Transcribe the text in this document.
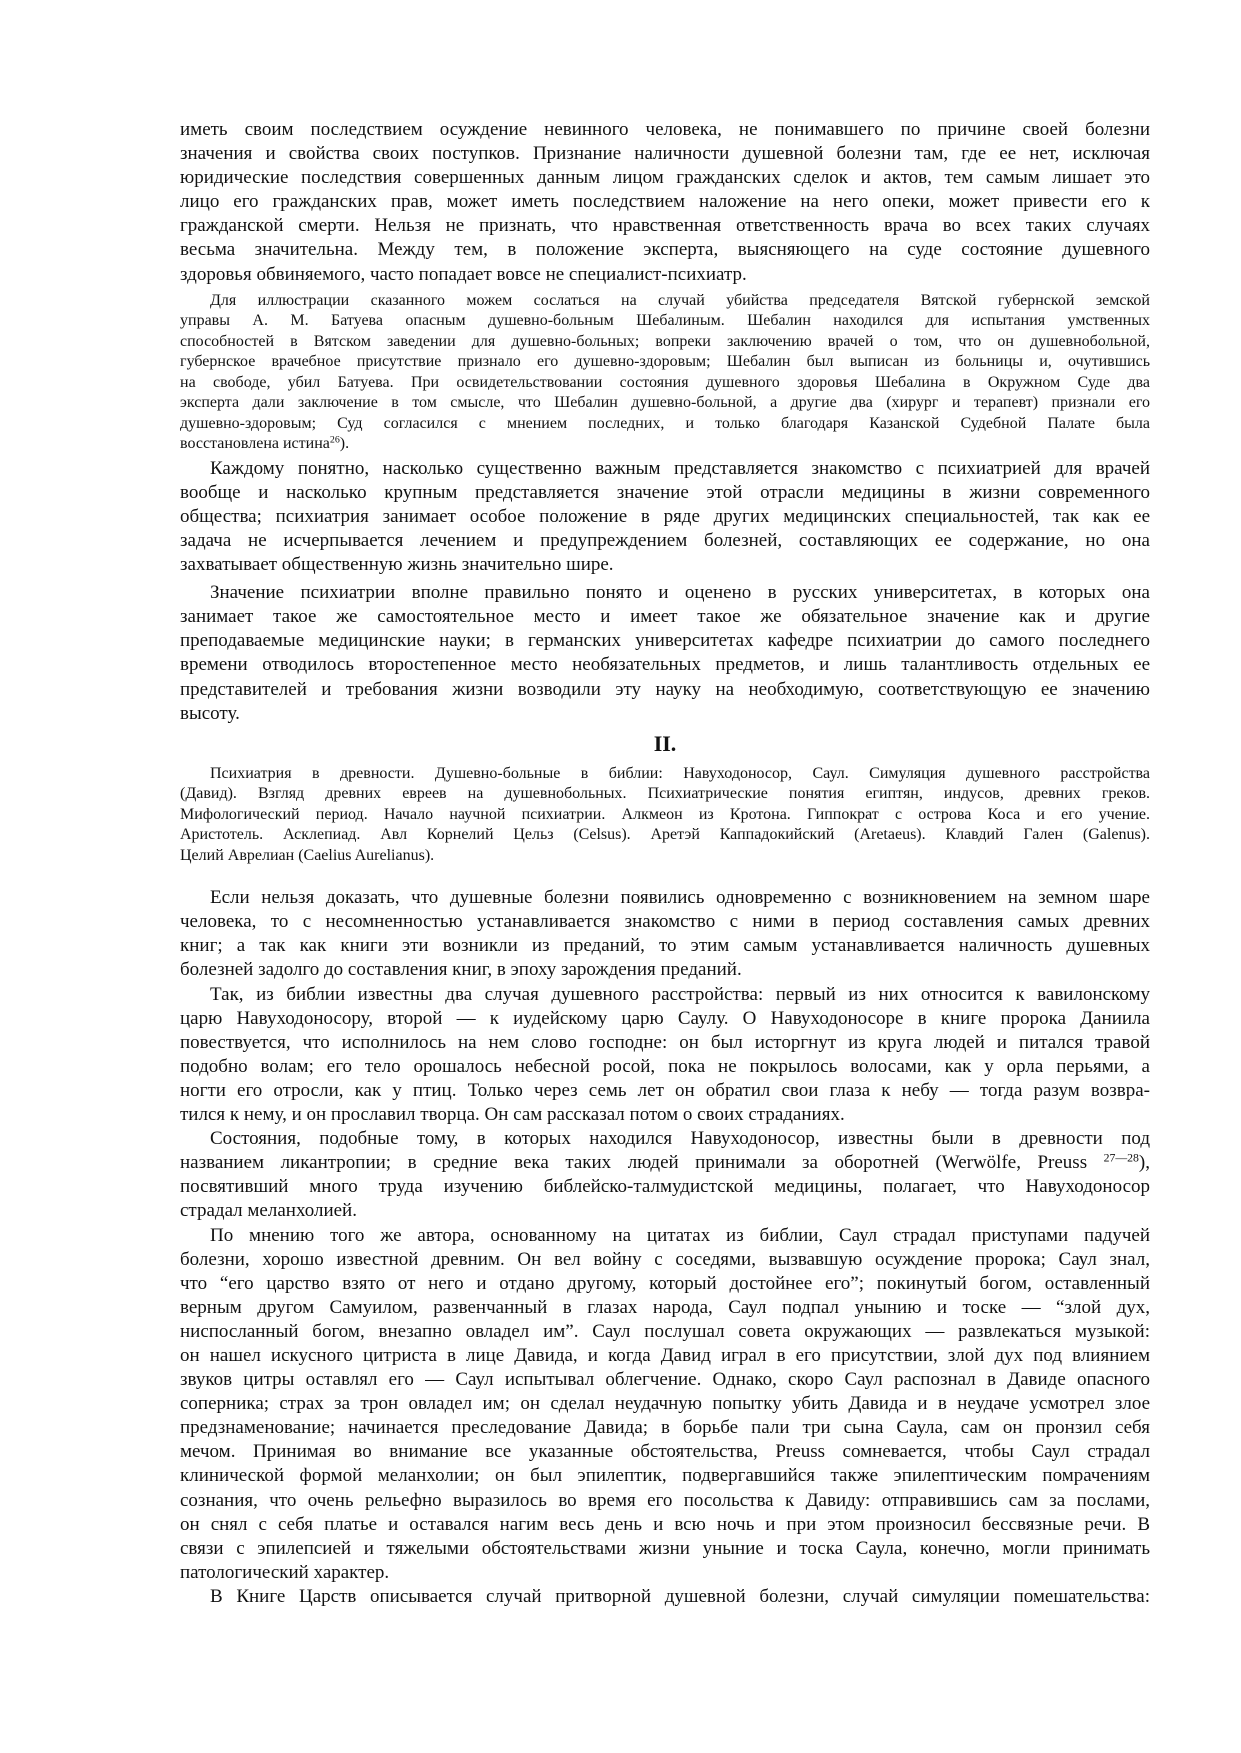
иметь своим последствием осуждение невинного человека, не понимавшего по причине своей болезни
значения и свойства своих поступков. Признание наличности душевной болезни там, где ее нет, исключая
юридические последствия совершенных данным лицом гражданских сделок и актов, тем самым лишает это
лицо его гражданских прав, может иметь последствием наложение на него опеки, может привести его к
гражданской смерти. Нельзя не признать, что нравственная ответственность врача во всех таких случаях
весьма значительна. Между тем, в положение эксперта, выясняющего на суде состояние душевного
здоровья обвиняемого, часто попадает вовсе не специалист-психиатр.
Для иллюстрации сказанного можем сослаться на случай убийства председателя Вятской губернской земской
управы А. М. Батуева опасным душевно-больным Шебалиным. Шебалин находился для испытания умственных
способностей в Вятском заведении для душевно-больных; вопреки заключению врачей о том, что он душевнобольной,
губернское врачебное присутствие признало его душевно-здоровым; Шебалин был выписан из больницы и, очутившись
на свободе, убил Батуева. При освидетельствовании состояния душевного здоровья Шебалина в Окружном Суде два
эксперта дали заключение в том смысле, что Шебалин душевно-больной, а другие два (хирург и терапевт) признали его
душевно-здоровым; Суд согласился с мнением последних, и только благодаря Казанской Судебной Палате была
восстановлена истина$^{26}$).
Каждому понятно, насколько существенно важным представляется знакомство с психиатрией для врачей
вообще и насколько крупным представляется значение этой отрасли медицины в жизни современного
общества; психиатрия занимает особое положение в ряде других медицинских специальностей, так как ее
задача не исчерпывается лечением и предупреждением болезней, составляющих ее содержание, но она
захватывает общественную жизнь значительно шире.
Значение психиатрии вполне правильно понято и оценено в русских университетах, в которых она
занимает такое же самостоятельное место и имеет такое же обязательное значение как и другие
преподаваемые медицинские науки; в германских университетах кафедре психиатрии до самого последнего
времени отводилось второстепенное место необязательных предметов, и лишь талантливость отдельных ее
представителей и требования жизни возводили эту науку на необходимую, соответствующую ее значению
высоту.
II.
Психиатрия в древности. Душевно-больные в библии: Навуходоносор, Саул. Симуляция душевного расстройства
(Давид). Взгляд древних евреев на душевнобольных. Психиатрические понятия египтян, индусов, древних греков.
Мифологический период. Начало научной психиатрии. Алкмеон из Кротона. Гиппократ с острова Коса и его учение.
Аристотель. Асклепиад. Авл Корнелий Цельз (Celsus). Аретэй Каппадокийский (Aretaeus). Клавдий Гален (Galenus).
Целий Аврелиан (Caelius Aurelianus).
Если нельзя доказать, что душевные болезни появились одновременно с возникновением на земном шаре
человека, то с несомненностью устанавливается знакомство с ними в период составления самых древних
книг; а так как книги эти возникли из преданий, то этим самым устанавливается наличность душевных
болезней задолго до составления книг, в эпоху зарождения преданий.
Так, из библии известны два случая душевного расстройства: первый из них относится к вавилонскому
царю Навуходоносору, второй — к иудейскому царю Саулу. О Навуходоносоре в книге пророка Даниила
повествуется, что исполнилось на нем слово господне: он был исторгнут из круга людей и питался травой
подобно волам; его тело орошалось небесной росой, пока не покрылось волосами, как у орла перьями, а
ногти его отросли, как у птиц. Только через семь лет он обратил свои глаза к небу — тогда разум возвра-
тился к нему, и он прославил творца. Он сам рассказал потом о своих страданиях.
Состояния, подобные тому, в которых находился Навуходоносор, известны были в древности под
названием ликантропии; в средние века таких людей принимали за оборотней (Werwölfe, Preuss $^{27—28}$),
посвятивший много труда изучению библейско-талмудистской медицины, полагает, что Навуходоносор
страдал меланхолией.
По мнению того же автора, основанному на цитатах из библии, Саул страдал приступами падучей
болезни, хорошо известной древним. Он вел войну с соседями, вызвавшую осуждение пророка; Саул знал,
что “его царство взято от него и отдано другому, который достойнее его”; покинутый богом, оставленный
верным другом Самуилом, развенчанный в глазах народа, Саул подпал унынию и тоске — “злой дух,
ниспосланный богом, внезапно овладел им”. Саул послушал совета окружающих — развлекаться музыкой:
он нашел искусного цитриста в лице Давида, и когда Давид играл в его присутствии, злой дух под влиянием
звуков цитры оставлял его — Саул испытывал облегчение. Однако, скоро Саул распознал в Давиде опасного
соперника; страх за трон овладел им; он сделал неудачную попытку убить Давида и в неудаче усмотрел злое
предзнаменование; начинается преследование Давида; в борьбе пали три сына Саула, сам он пронзил себя
мечом. Принимая во внимание все указанные обстоятельства, Preuss сомневается, чтобы Саул страдал
клинической формой меланхолии; он был эпилептик, подвергавшийся также эпилептическим помрачениям
сознания, что очень рельефно выразилось во время его посольства к Давиду: отправившись сам за послами,
он снял с себя платье и оставался нагим весь день и всю ночь и при этом произносил бессвязные речи. В
связи с эпилепсией и тяжелыми обстоятельствами жизни уныние и тоска Саула, конечно, могли принимать
патологический характер.
В Книге Царств описывается случай притворной душевной болезни, случай симуляции помешательства:
